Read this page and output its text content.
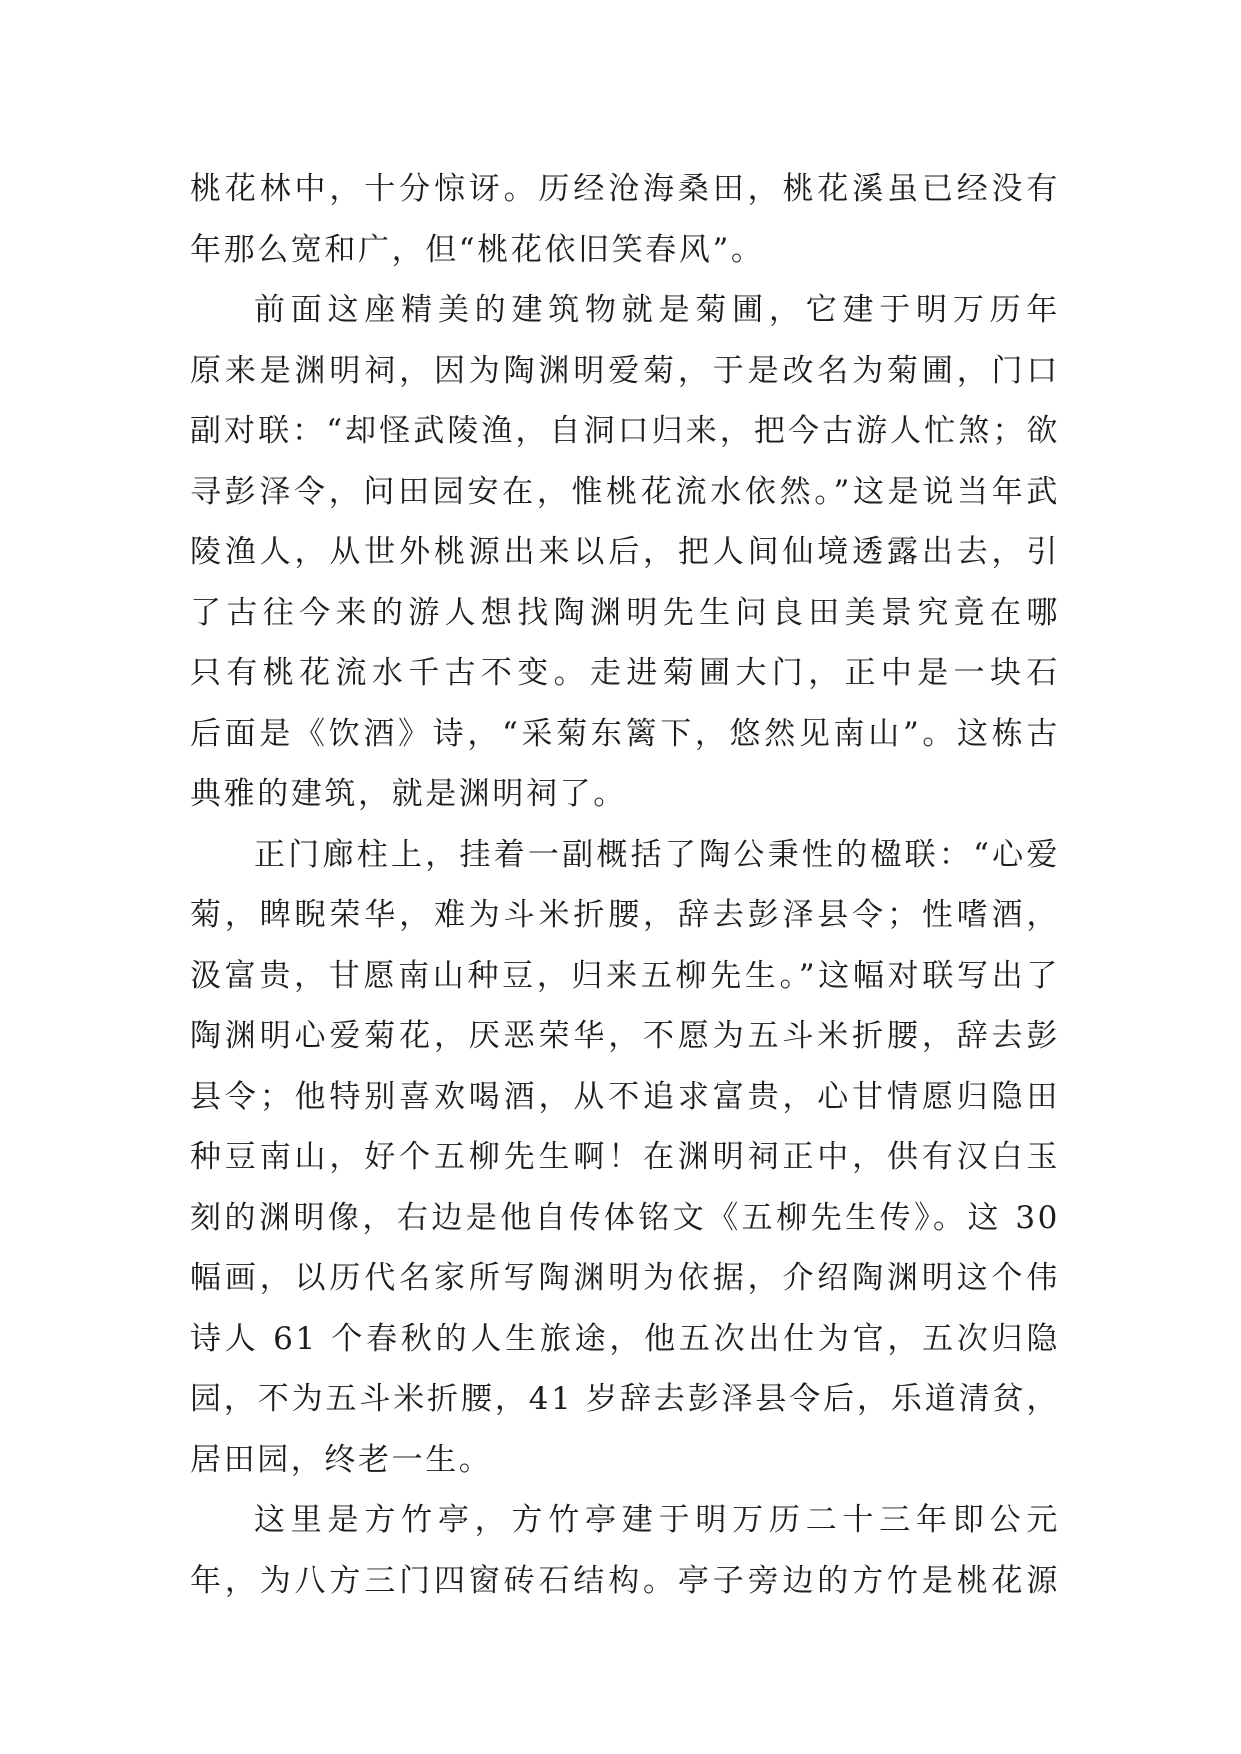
桃花林中，十分惊讶。历经沧海桑田，桃花溪虽已经没有
年那么宽和广，但“桃花依旧笑春风”。
前面这座精美的建筑物就是菊圃，它建于明万历年
原来是渊明祠，因为陶渊明爱菊，于是改名为菊圃，门口
副对联：“却怪武陵渔，自洞口归来，把今古游人忙煞；欲
寻彭泽令，问田园安在，惟桃花流水依然。”这是说当年武
陵渔人，从世外桃源出来以后，把人间仙境透露出去，引
了古往今来的游人想找陶渊明先生问良田美景究竟在哪
只有桃花流水千古不变。走进菊圃大门，正中是一块石
后面是《饮酒》诗，“采菊东篱下，悠然见南山”。这栋古
典雅的建筑，就是渊明祠了。
正门廊柱上，挂着一副概括了陶公秉性的楹联：“心爱
菊，睥睨荣华，难为斗米折腰，辞去彭泽县令；性嗜酒，
汲富贵，甘愿南山种豆，归来五柳先生。”这幅对联写出了
陶渊明心爱菊花，厌恶荣华，不愿为五斗米折腰，辞去彭
县令；他特别喜欢喝酒，从不追求富贵，心甘情愿归隐田
种豆南山，好个五柳先生啊！在渊明祠正中，供有汉白玉
刻的渊明像，右边是他自传体铭文《五柳先生传》。这 30
幅画，以历代名家所写陶渊明为依据，介绍陶渊明这个伟
诗人 61 个春秋的人生旅途，他五次出仕为官，五次归隐
园，不为五斗米折腰，41 岁辞去彭泽县令后，乐道清贫，
居田园，终老一生。
这里是方竹亭，方竹亭建于明万历二十三年即公元
年，为八方三门四窗砖石结构。亭子旁边的方竹是桃花源
